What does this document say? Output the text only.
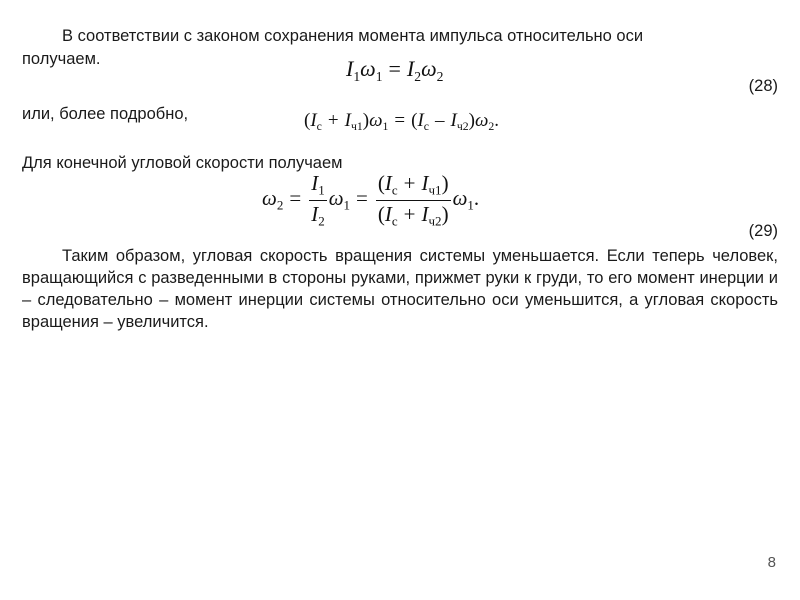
В соответствии с законом сохранения момента импульса относительно оси
получаем.	$I_1\omega_1 = I_2\omega_2$
(28)
или, более подробно,	$(I_c + I_{ч1})\omega_1 = (I_c - I_{ч2})\omega_2$.
Для конечной угловой скорости получаем
$\omega_2 = \frac{I_1}{I_2} \omega_1 = \frac{(I_c + I_{ч1})}{(I_c + I_{ч2})} \omega_1$.
(29)
Таким образом, угловая скорость вращения системы уменьшается. Если теперь человек, вращающийся с разведенными в стороны руками, прижмет руки к груди, то его момент инерции и – следовательно – момент инерции системы относительно оси уменьшится, а угловая скорость вращения – увеличится.
8
